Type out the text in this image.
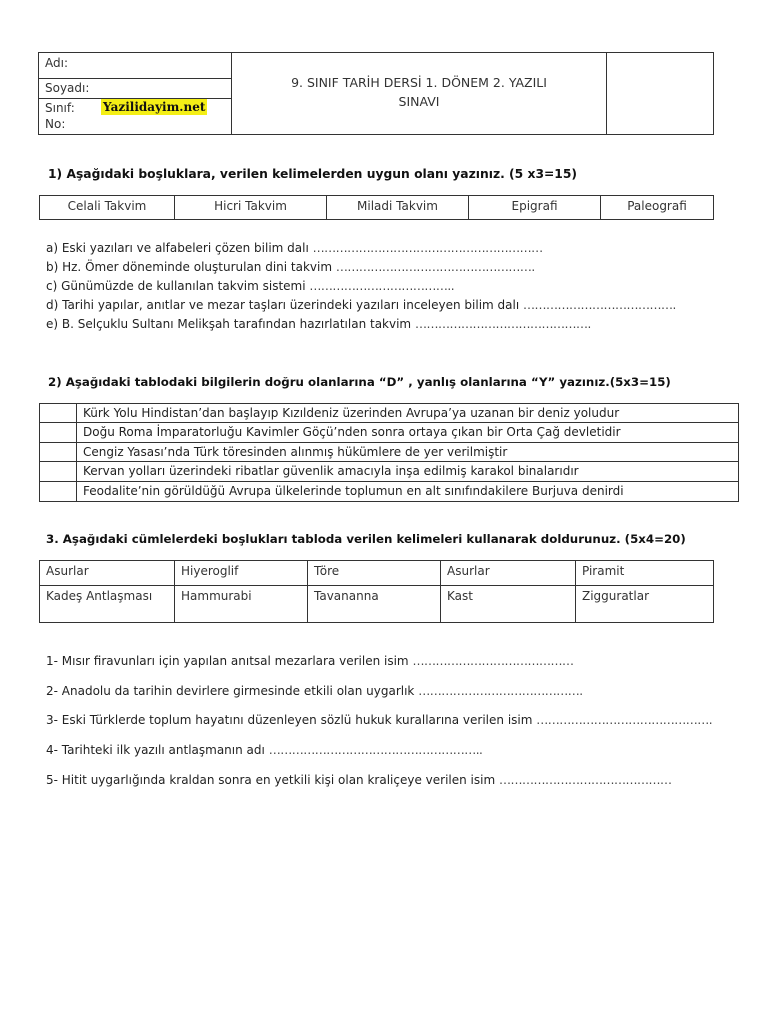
Adı:
Soyadı:
Sınıf: Yazilidayim.net
No:
9. SINIF TARİH DERSİ 1. DÖNEM 2. YAZILI
SINAVI
1) Aşağıdaki boşluklara, verilen kelimelerden uygun olanı yazınız. (5 x3=15)
Celali Takvim	Hicri Takvim	Miladi Takvim	Epigrafi	Paleografi
a) Eski yazıları ve alfabeleri çözen bilim dalı ……………………………………………………
b) Hz. Ömer döneminde oluşturulan dini takvim …………………………………………….
c) Günümüzde de kullanılan takvim sistemi ………………………………..
d) Tarihi yapılar, anıtlar ve mezar taşları üzerindeki yazıları inceleyen bilim dalı ………………………………….
e) B. Selçuklu Sultanı Melikşah tarafından hazırlatılan takvim ……………………………………….
2) Aşağıdaki tablodaki bilgilerin doğru olanlarına “D” , yanlış olanlarına “Y” yazınız.(5x3=15)
Kürk Yolu Hindistan’dan başlayıp Kızıldeniz üzerinden Avrupa’ya uzanan bir deniz yoludur
Doğu Roma İmparatorluğu Kavimler Göçü’nden sonra ortaya çıkan bir Orta Çağ devletidir
Cengiz Yasası’nda Türk töresinden alınmış hükümlere de yer verilmiştir
Kervan yolları üzerindeki ribatlar güvenlik amacıyla inşa edilmiş karakol binalarıdır
Feodalite’nin görüldüğü Avrupa ülkelerinde toplumun en alt sınıfındakilere Burjuva denirdi
3. Aşağıdaki cümlelerdeki boşlukları tabloda verilen kelimeleri kullanarak doldurunuz. (5x4=20)
Asurlar	Hiyeroglif	Töre	Asurlar	Piramit
Kadeş Antlaşması	Hammurabi	Tavananna	Kast	Zigguratlar
1- Mısır firavunları için yapılan anıtsal mezarlara verilen isim ……………………………………
2- Anadolu da tarihin devirlere girmesinde etkili olan uygarlık …………………………………….
3- Eski Türklerde toplum hayatını düzenleyen sözlü hukuk kurallarına verilen isim ……………………………………….
4- Tarihteki ilk yazılı antlaşmanın adı ………………………………………………..
5- Hitit uygarlığında kraldan sonra en yetkili kişi olan kraliçeye verilen isim ………………………………………
